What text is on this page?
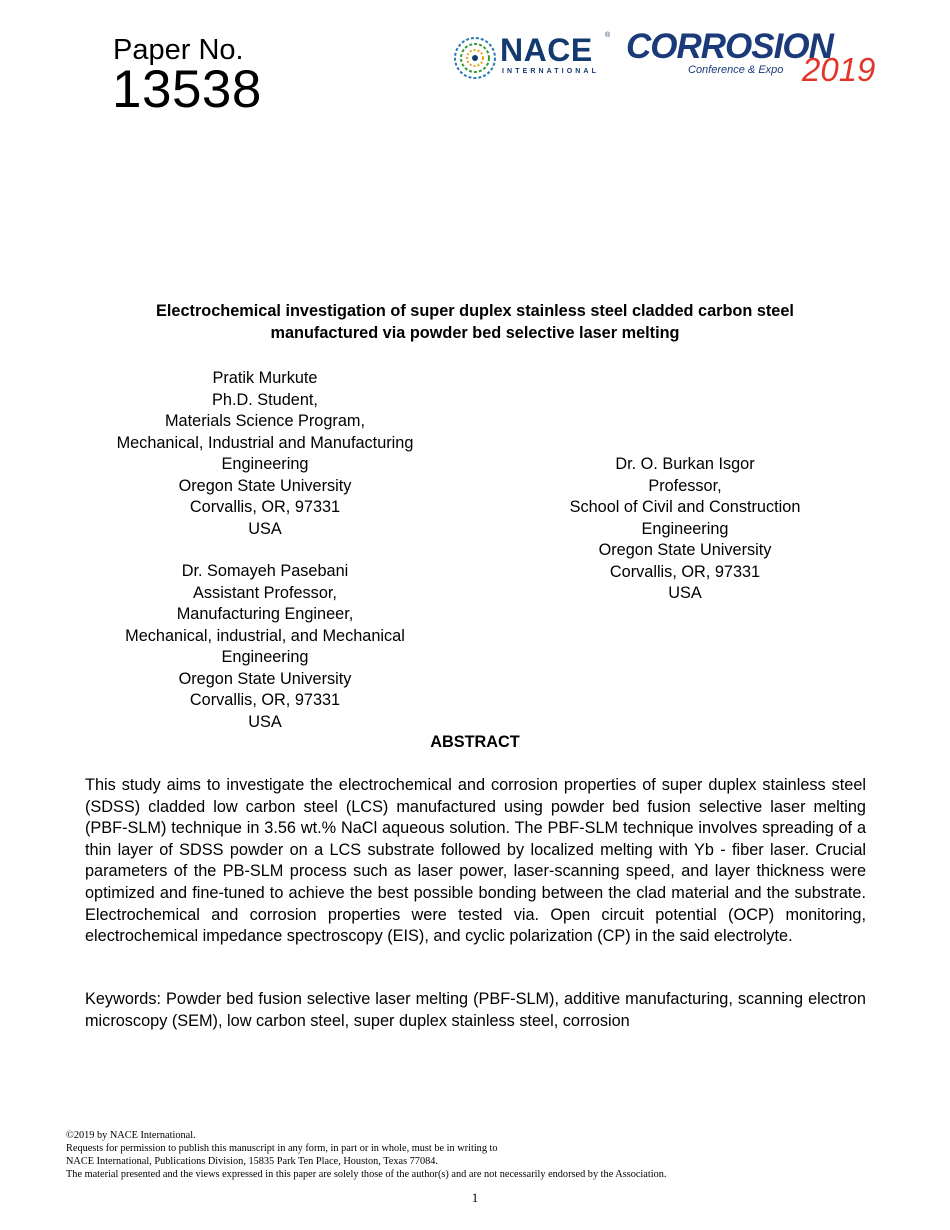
Paper No.
13538
NACE ®
INTERNATIONAL
CORROSION
Conference & Expo 2019
Electrochemical investigation of super duplex stainless steel cladded carbon steel
manufactured via powder bed selective laser melting
Pratik Murkute
Ph.D. Student,
Materials Science Program,
Mechanical, Industrial and Manufacturing
Engineering
Oregon State University
Corvallis, OR, 97331
USA
Dr. O. Burkan Isgor
Professor,
School of Civil and Construction
Engineering
Oregon State University
Corvallis, OR, 97331
USA
Dr. Somayeh Pasebani
Assistant Professor,
Manufacturing Engineer,
Mechanical, industrial, and Mechanical
Engineering
Oregon State University
Corvallis, OR, 97331
USA
ABSTRACT
This study aims to investigate the electrochemical and corrosion properties of super duplex stainless steel (SDSS) cladded low carbon steel (LCS) manufactured using powder bed fusion selective laser melting (PBF-SLM) technique in 3.56 wt.% NaCl aqueous solution. The PBF-SLM technique involves spreading of a thin layer of SDSS powder on a LCS substrate followed by localized melting with Yb - fiber laser. Crucial parameters of the PB-SLM process such as laser power, laser-scanning speed, and layer thickness were optimized and fine-tuned to achieve the best possible bonding between the clad material and the substrate. Electrochemical and corrosion properties were tested via. Open circuit potential (OCP) monitoring, electrochemical impedance spectroscopy (EIS), and cyclic polarization (CP) in the said electrolyte.
Keywords: Powder bed fusion selective laser melting (PBF-SLM), additive manufacturing, scanning electron microscopy (SEM), low carbon steel, super duplex stainless steel, corrosion
©2019 by NACE International.
Requests for permission to publish this manuscript in any form, in part or in whole, must be in writing to
NACE International, Publications Division, 15835 Park Ten Place, Houston, Texas 77084.
The material presented and the views expressed in this paper are solely those of the author(s) and are not necessarily endorsed by the Association.
1
